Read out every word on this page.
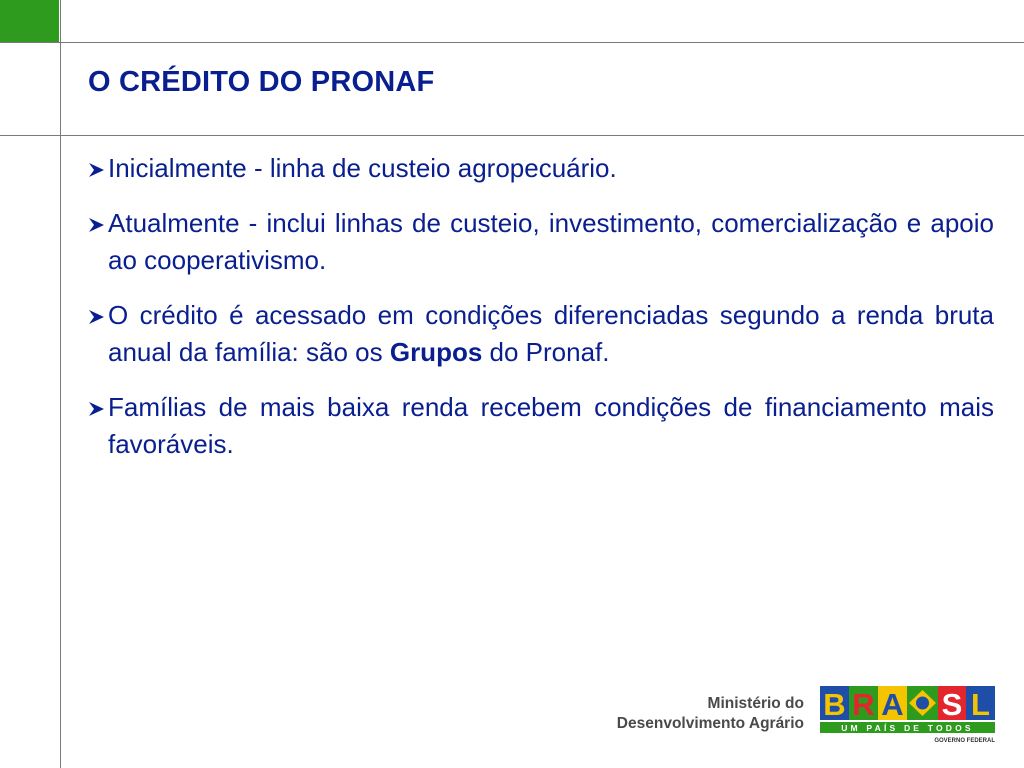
O CRÉDITO DO PRONAF

Inicialmente - linha de custeio agropecuário.

Atualmente - inclui linhas de custeio, investimento, comercialização e apoio ao cooperativismo.

O crédito é acessado em condições diferenciadas segundo a renda bruta anual da família: são os Grupos do Pronaf.

Famílias de mais baixa renda recebem condições de financiamento mais favoráveis.

Ministério do
Desenvolvimento Agrário
B R A S L
UM PAÍS DE TODOS
GOVERNO FEDERAL
